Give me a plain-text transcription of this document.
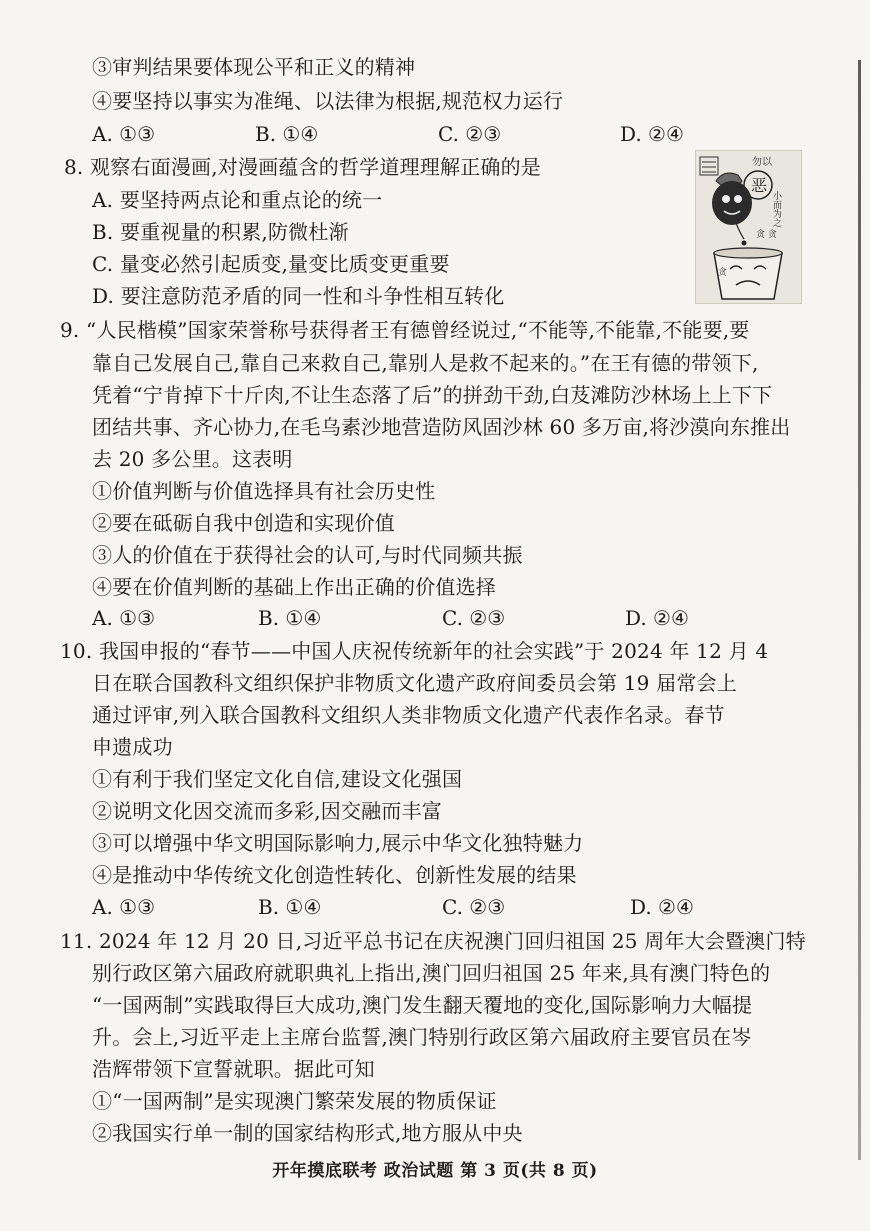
③审判结果要体现公平和正义的精神
④要坚持以事实为准绳、以法律为根据,规范权力运行
A. ①③	B. ①④	C. ②③	D. ②④
8. 观察右面漫画,对漫画蕴含的哲学道理理解正确的是
A. 要坚持两点论和重点论的统一
B. 要重视量的积累,防微杜渐
C. 量变必然引起质变,量变比质变更重要
D. 要注意防范矛盾的同一性和斗争性相互转化
勿以
恶
小而为之
贪 贪
贪
9. “人民楷模”国家荣誉称号获得者王有德曾经说过,“不能等,不能靠,不能要,要
靠自己发展自己,靠自己来救自己,靠别人是救不起来的。”在王有德的带领下,
凭着“宁肯掉下十斤肉,不让生态落了后”的拼劲干劲,白芨滩防沙林场上上下下
团结共事、齐心协力,在毛乌素沙地营造防风固沙林 60 多万亩,将沙漠向东推出
去 20 多公里。这表明
①价值判断与价值选择具有社会历史性
②要在砥砺自我中创造和实现价值
③人的价值在于获得社会的认可,与时代同频共振
④要在价值判断的基础上作出正确的价值选择
A. ①③	B. ①④	C. ②③	D. ②④
10. 我国申报的“春节——中国人庆祝传统新年的社会实践”于 2024 年 12 月 4
日在联合国教科文组织保护非物质文化遗产政府间委员会第 19 届常会上
通过评审,列入联合国教科文组织人类非物质文化遗产代表作名录。春节
申遗成功
①有利于我们坚定文化自信,建设文化强国
②说明文化因交流而多彩,因交融而丰富
③可以增强中华文明国际影响力,展示中华文化独特魅力
④是推动中华传统文化创造性转化、创新性发展的结果
A. ①③	B. ①④	C. ②③	D. ②④
11. 2024 年 12 月 20 日,习近平总书记在庆祝澳门回归祖国 25 周年大会暨澳门特
别行政区第六届政府就职典礼上指出,澳门回归祖国 25 年来,具有澳门特色的
“一国两制”实践取得巨大成功,澳门发生翻天覆地的变化,国际影响力大幅提
升。会上,习近平走上主席台监誓,澳门特别行政区第六届政府主要官员在岑
浩辉带领下宣誓就职。据此可知
①“一国两制”是实现澳门繁荣发展的物质保证
②我国实行单一制的国家结构形式,地方服从中央
开年摸底联考 政治试题 第 3 页(共 8 页)
